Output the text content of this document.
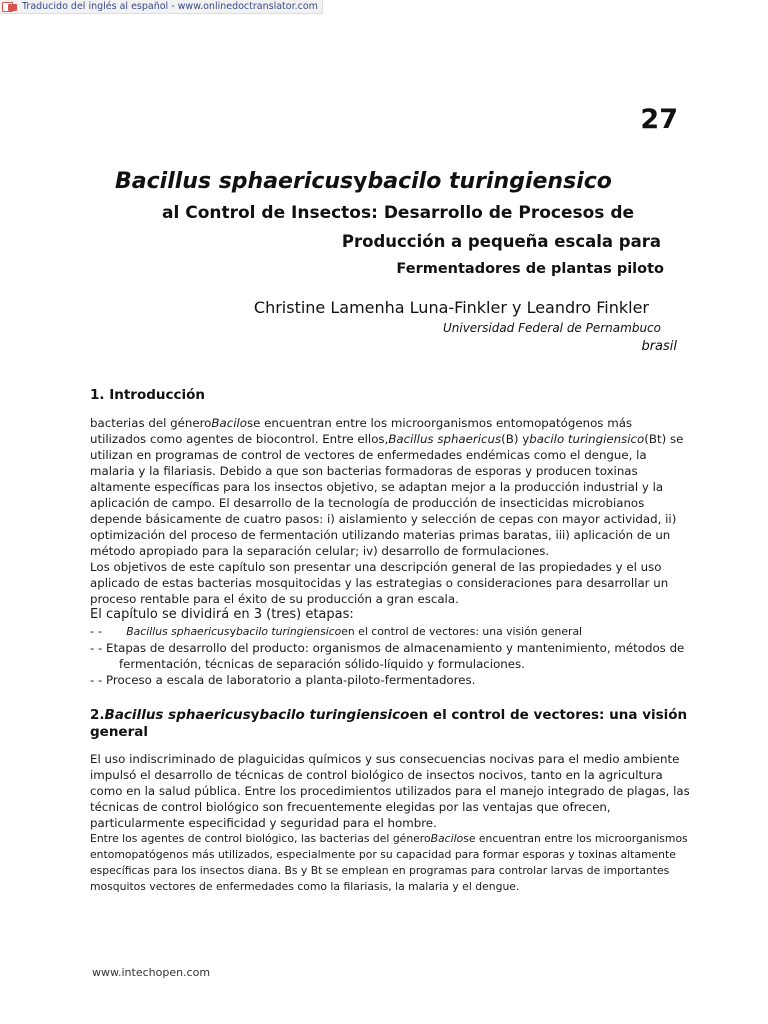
Traducido del inglés al español - www.onlinedoctranslator.com
27
Bacillus sphaericusybacilo turingiensico
al Control de Insectos: Desarrollo de Procesos de
Producción a pequeña escala para
Fermentadores de plantas piloto
Christine Lamenha Luna-Finkler y Leandro Finkler
Universidad Federal de Pernambuco
brasil

1. Introducción

bacterias del géneroBacilose encuentran entre los microorganismos entomopatógenos más utilizados como agentes de biocontrol. Entre ellos,Bacillus sphaericus(B) ybacilo turingiensico(Bt) se utilizan en programas de control de vectores de enfermedades endémicas como el dengue, la malaria y la filariasis. Debido a que son bacterias formadoras de esporas y producen toxinas altamente específicas para los insectos objetivo, se adaptan mejor a la producción industrial y la aplicación de campo. El desarrollo de la tecnología de producción de insecticidas microbianos depende básicamente de cuatro pasos: i) aislamiento y selección de cepas con mayor actividad, ii) optimización del proceso de fermentación utilizando materias primas baratas, iii) aplicación de un método apropiado para la separación celular; iv) desarrollo de formulaciones.

Los objetivos de este capítulo son presentar una descripción general de las propiedades y el uso aplicado de estas bacterias mosquitocidas y las estrategias o consideraciones para desarrollar un proceso rentable para el éxito de su producción a gran escala.

El capítulo se dividirá en 3 (tres) etapas:

- - Bacillus sphaericusybacilo turingiensicoen el control de vectores: una visión general

- - Etapas de desarrollo del producto: organismos de almacenamiento y mantenimiento, métodos de

fermentación, técnicas de separación sólido-líquido y formulaciones.

- - Proceso a escala de laboratorio a planta-piloto-fermentadores.

2.Bacillus sphaericusybacilo turingiensicoen el control de vectores: una visión general

El uso indiscriminado de plaguicidas químicos y sus consecuencias nocivas para el medio ambiente impulsó el desarrollo de técnicas de control biológico de insectos nocivos, tanto en la agricultura como en la salud pública. Entre los procedimientos utilizados para el manejo integrado de plagas, las técnicas de control biológico son frecuentemente elegidas por las ventajas que ofrecen, particularmente especificidad y seguridad para el hombre.

Entre los agentes de control biológico, las bacterias del géneroBacilose encuentran entre los microorganismos entomopatógenos más utilizados, especialmente por su capacidad para formar esporas y toxinas altamente específicas para los insectos diana. Bs y Bt se emplean en programas para controlar larvas de importantes mosquitos vectores de enfermedades como la filariasis, la malaria y el dengue.

www.intechopen.com
